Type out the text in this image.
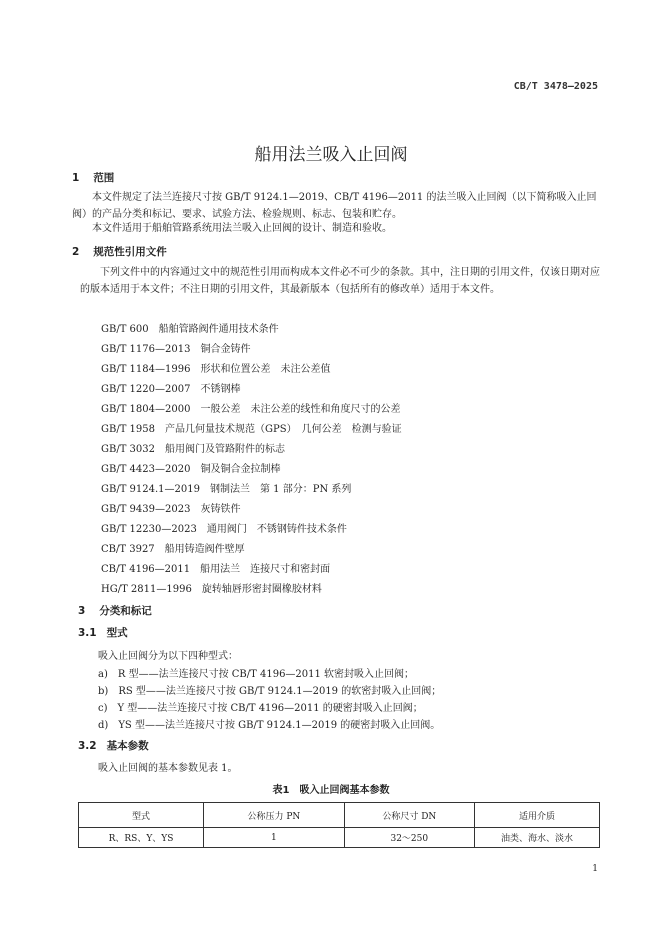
CB/T 3478—2025
船用法兰吸入止回阀
1 范围
本文件规定了法兰连接尺寸按 GB/T 9124.1—2019、CB/T 4196—2011 的法兰吸入止回阀（以下简称吸入止回阀）的产品分类和标记、要求、试验方法、检验规则、标志、包装和贮存。
本文件适用于船舶管路系统用法兰吸入止回阀的设计、制造和验收。
2 规范性引用文件
下列文件中的内容通过文中的规范性引用而构成本文件必不可少的条款。其中，注日期的引用文件，仅该日期对应的版本适用于本文件；不注日期的引用文件，其最新版本（包括所有的修改单）适用于本文件。
GB/T 600　船舶管路阀件通用技术条件
GB/T 1176—2013　铜合金铸件
GB/T 1184—1996　形状和位置公差　未注公差值
GB/T 1220—2007　不锈钢棒
GB/T 1804—2000　一般公差　未注公差的线性和角度尺寸的公差
GB/T 1958　产品几何量技术规范（GPS）　几何公差　检测与验证
GB/T 3032　船用阀门及管路附件的标志
GB/T 4423—2020　铜及铜合金拉制棒
GB/T 9124.1—2019　钢制法兰　第 1 部分：PN 系列
GB/T 9439—2023　灰铸铁件
GB/T 12230—2023　通用阀门　不锈钢铸件技术条件
CB/T 3927　船用铸造阀件壁厚
CB/T 4196—2011　船用法兰　连接尺寸和密封面
HG/T 2811—1996　旋转轴唇形密封圈橡胶材料
3 分类和标记
3.1 型式
吸入止回阀分为以下四种型式：
a) R 型——法兰连接尺寸按 CB/T 4196—2011 软密封吸入止回阀；
b) RS 型——法兰连接尺寸按 GB/T 9124.1—2019 的软密封吸入止回阀；
c) Y 型——法兰连接尺寸按 CB/T 4196—2011 的硬密封吸入止回阀；
d) YS 型——法兰连接尺寸按 GB/T 9124.1—2019 的硬密封吸入止回阀。
3.2 基本参数
吸入止回阀的基本参数见表 1。
表1　吸入止回阀基本参数
型式	公称压力 PN	公称尺寸 DN	适用介质
R、RS、Y、YS	1	32～250	油类、海水、淡水
1
